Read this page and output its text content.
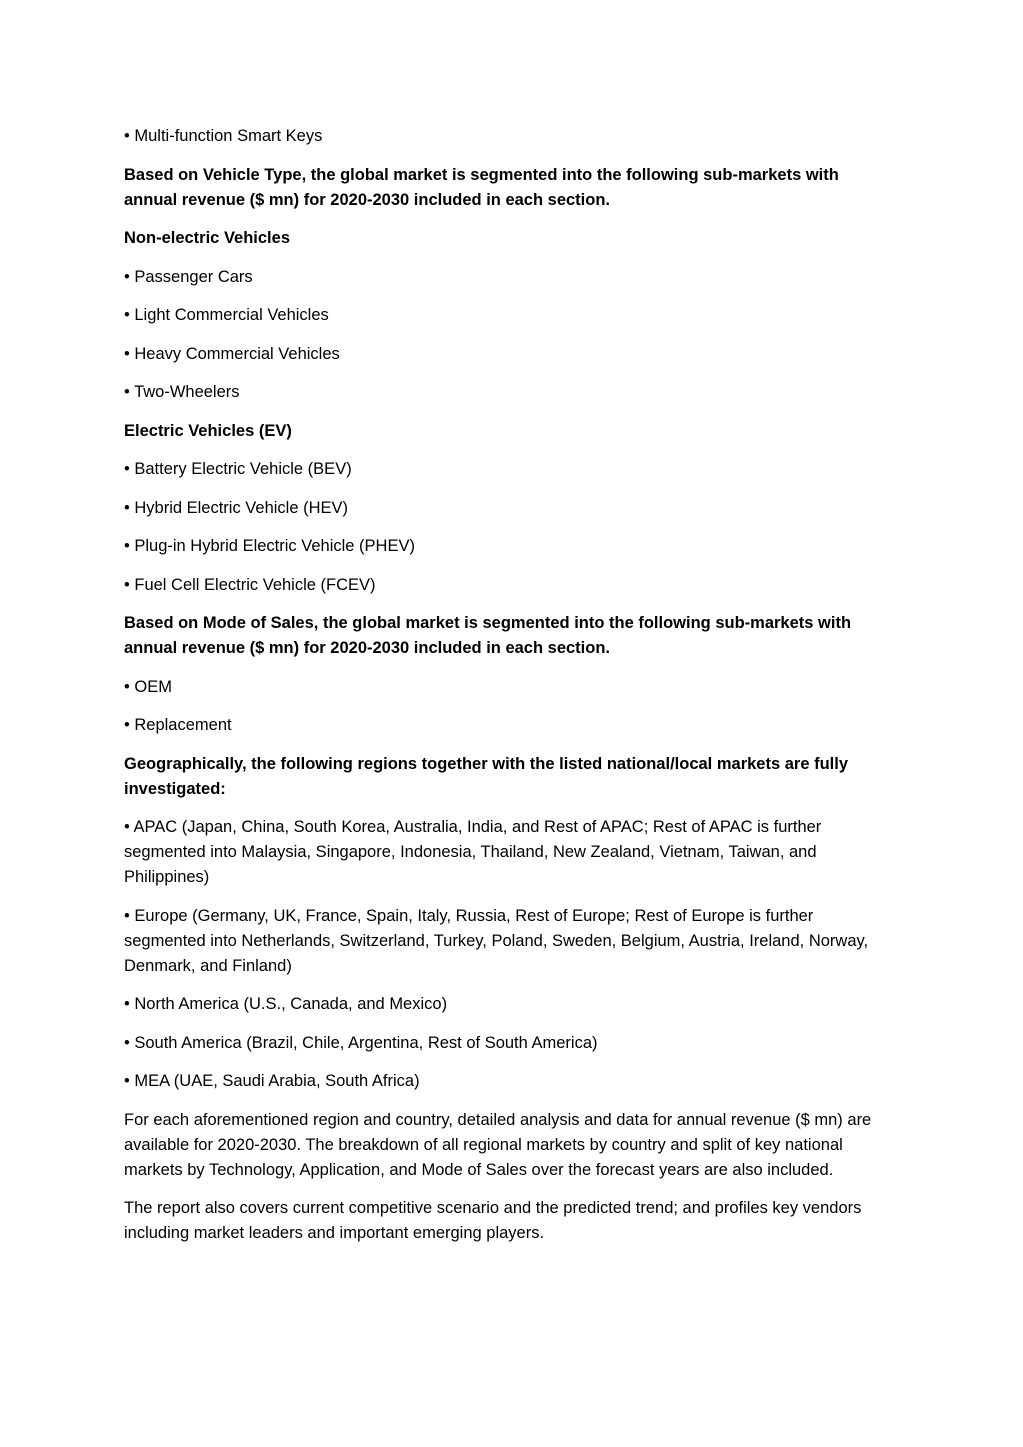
• Multi-function Smart Keys

Based on Vehicle Type, the global market is segmented into the following sub-markets with annual revenue ($ mn) for 2020-2030 included in each section.

Non-electric Vehicles

• Passenger Cars

• Light Commercial Vehicles

• Heavy Commercial Vehicles

• Two-Wheelers

Electric Vehicles (EV)

• Battery Electric Vehicle (BEV)

• Hybrid Electric Vehicle (HEV)

• Plug-in Hybrid Electric Vehicle (PHEV)

• Fuel Cell Electric Vehicle (FCEV)

Based on Mode of Sales, the global market is segmented into the following sub-markets with annual revenue ($ mn) for 2020-2030 included in each section.

• OEM

• Replacement

Geographically, the following regions together with the listed national/local markets are fully investigated:

• APAC (Japan, China, South Korea, Australia, India, and Rest of APAC; Rest of APAC is further segmented into Malaysia, Singapore, Indonesia, Thailand, New Zealand, Vietnam, Taiwan, and Philippines)

• Europe (Germany, UK, France, Spain, Italy, Russia, Rest of Europe; Rest of Europe is further segmented into Netherlands, Switzerland, Turkey, Poland, Sweden, Belgium, Austria, Ireland, Norway, Denmark, and Finland)

• North America (U.S., Canada, and Mexico)

• South America (Brazil, Chile, Argentina, Rest of South America)

• MEA (UAE, Saudi Arabia, South Africa)

For each aforementioned region and country, detailed analysis and data for annual revenue ($ mn) are available for 2020-2030. The breakdown of all regional markets by country and split of key national markets by Technology, Application, and Mode of Sales over the forecast years are also included.

The report also covers current competitive scenario and the predicted trend; and profiles key vendors including market leaders and important emerging players.
